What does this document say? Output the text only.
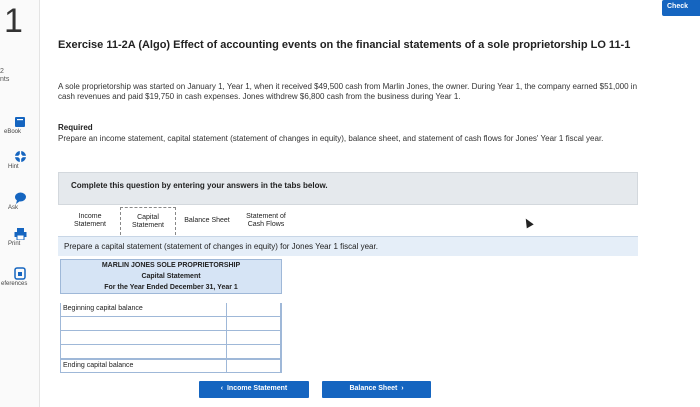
1
2
nts
eBook
Hint
Ask
Print
eferences
Check
Exercise 11-2A (Algo) Effect of accounting events on the financial statements of a sole proprietorship LO 11-1
A sole proprietorship was started on January 1, Year 1, when it received $49,500 cash from Marlin Jones, the owner. During Year 1, the company earned $51,000 in cash revenues and paid $19,750 in cash expenses. Jones withdrew $6,800 cash from the business during Year 1.
Required
Prepare an income statement, capital statement (statement of changes in equity), balance sheet, and statement of cash flows for Jones' Year 1 fiscal year.
Complete this question by entering your answers in the tabs below.
Income
Statement
Capital
Statement
Balance Sheet
Statement of
Cash Flows
Prepare a capital statement (statement of changes in equity) for Jones Year 1 fiscal year.
MARLIN JONES SOLE PROPRIETORSHIP
Capital Statement
For the Year Ended December 31, Year 1
Beginning capital balance
Ending capital balance
‹ Income Statement	Balance Sheet ›
